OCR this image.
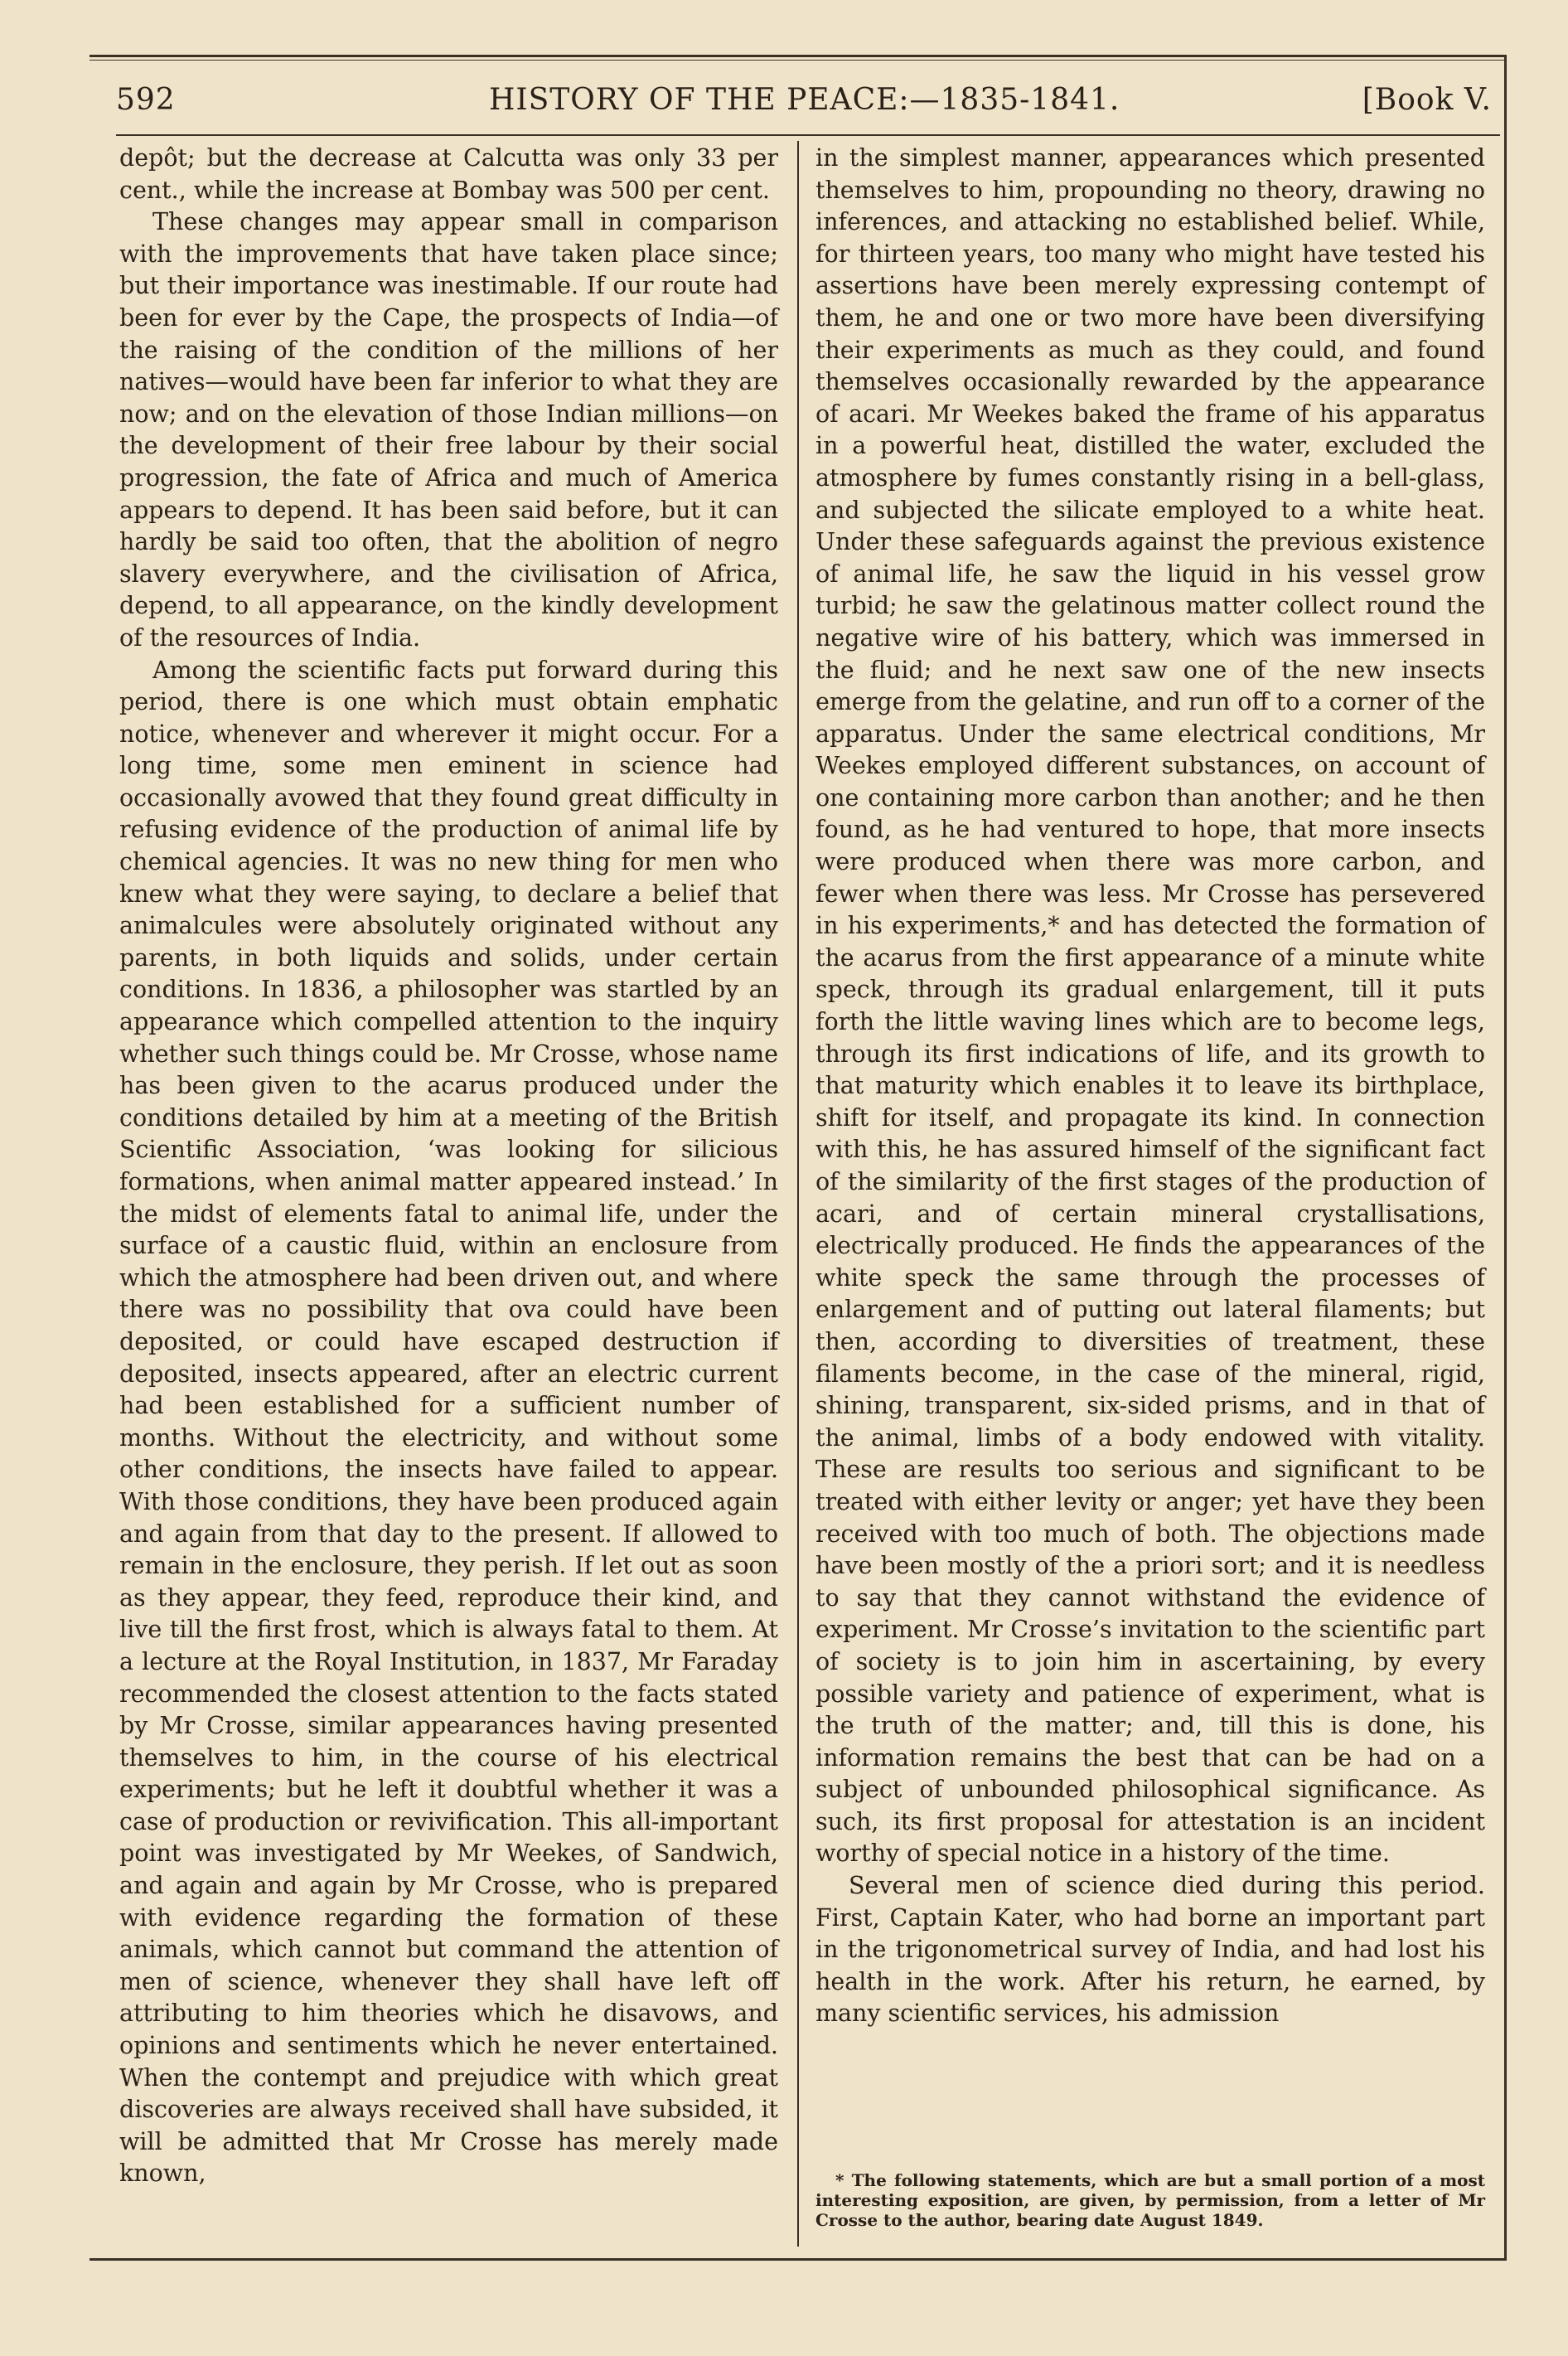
592	HISTORY OF THE PEACE:—1835-1841.	[Book V.

depôt; but the decrease at Calcutta was only 33 per cent., while the increase at Bombay was 500 per cent.

These changes may appear small in comparison with the improvements that have taken place since; but their importance was inestimable. If our route had been for ever by the Cape, the prospects of India—of the raising of the condition of the millions of her natives—would have been far inferior to what they are now; and on the elevation of those Indian millions—on the development of their free labour by their social progression, the fate of Africa and much of America appears to depend. It has been said before, but it can hardly be said too often, that the abolition of negro slavery everywhere, and the civilisation of Africa, depend, to all appearance, on the kindly development of the resources of India.

Among the scientific facts put forward during this period, there is one which must obtain emphatic notice, whenever and wherever it might occur. For a long time, some men eminent in science had occasionally avowed that they found great difficulty in refusing evidence of the production of animal life by chemical agencies. It was no new thing for men who knew what they were saying, to declare a belief that animalcules were absolutely originated without any parents, in both liquids and solids, under certain conditions. In 1836, a philosopher was startled by an appearance which compelled attention to the inquiry whether such things could be. Mr Crosse, whose name has been given to the acarus produced under the conditions detailed by him at a meeting of the British Scientific Association, ‘was looking for silicious formations, when animal matter appeared instead.’ In the midst of elements fatal to animal life, under the surface of a caustic fluid, within an enclosure from which the atmosphere had been driven out, and where there was no possibility that ova could have been deposited, or could have escaped destruction if deposited, insects appeared, after an electric current had been established for a sufficient number of months. Without the electricity, and without some other conditions, the insects have failed to appear. With those conditions, they have been produced again and again from that day to the present. If allowed to remain in the enclosure, they perish. If let out as soon as they appear, they feed, reproduce their kind, and live till the first frost, which is always fatal to them. At a lecture at the Royal Institution, in 1837, Mr Faraday recommended the closest attention to the facts stated by Mr Crosse, similar appearances having presented themselves to him, in the course of his electrical experiments; but he left it doubtful whether it was a case of production or revivification. This all-important point was investigated by Mr Weekes, of Sandwich, and again and again by Mr Crosse, who is prepared with evidence regarding the formation of these animals, which cannot but command the attention of men of science, whenever they shall have left off attributing to him theories which he disavows, and opinions and sentiments which he never entertained. When the contempt and prejudice with which great discoveries are always received shall have subsided, it will be admitted that Mr Crosse has merely made known,

in the simplest manner, appearances which presented themselves to him, propounding no theory, drawing no inferences, and attacking no established belief. While, for thirteen years, too many who might have tested his assertions have been merely expressing contempt of them, he and one or two more have been diversifying their experiments as much as they could, and found themselves occasionally rewarded by the appearance of acari. Mr Weekes baked the frame of his apparatus in a powerful heat, distilled the water, excluded the atmosphere by fumes constantly rising in a bell-glass, and subjected the silicate employed to a white heat. Under these safeguards against the previous existence of animal life, he saw the liquid in his vessel grow turbid; he saw the gelatinous matter collect round the negative wire of his battery, which was immersed in the fluid; and he next saw one of the new insects emerge from the gelatine, and run off to a corner of the apparatus. Under the same electrical conditions, Mr Weekes employed different substances, on account of one containing more carbon than another; and he then found, as he had ventured to hope, that more insects were produced when there was more carbon, and fewer when there was less. Mr Crosse has persevered in his experiments,* and has detected the formation of the acarus from the first appearance of a minute white speck, through its gradual enlargement, till it puts forth the little waving lines which are to become legs, through its first indications of life, and its growth to that maturity which enables it to leave its birthplace, shift for itself, and propagate its kind. In connection with this, he has assured himself of the significant fact of the similarity of the first stages of the production of acari, and of certain mineral crystallisations, electrically produced. He finds the appearances of the white speck the same through the processes of enlargement and of putting out lateral filaments; but then, according to diversities of treatment, these filaments become, in the case of the mineral, rigid, shining, transparent, six-sided prisms, and in that of the animal, limbs of a body endowed with vitality. These are results too serious and significant to be treated with either levity or anger; yet have they been received with too much of both. The objections made have been mostly of the a priori sort; and it is needless to say that they cannot withstand the evidence of experiment. Mr Crosse’s invitation to the scientific part of society is to join him in ascertaining, by every possible variety and patience of experiment, what is the truth of the matter; and, till this is done, his information remains the best that can be had on a subject of unbounded philosophical significance. As such, its first proposal for attestation is an incident worthy of special notice in a history of the time.

Several men of science died during this period. First, Captain Kater, who had borne an important part in the trigonometrical survey of India, and had lost his health in the work. After his return, he earned, by many scientific services, his admission

* The following statements, which are but a small portion of a most interesting exposition, are given, by permission, from a letter of Mr Crosse to the author, bearing date August 1849.
